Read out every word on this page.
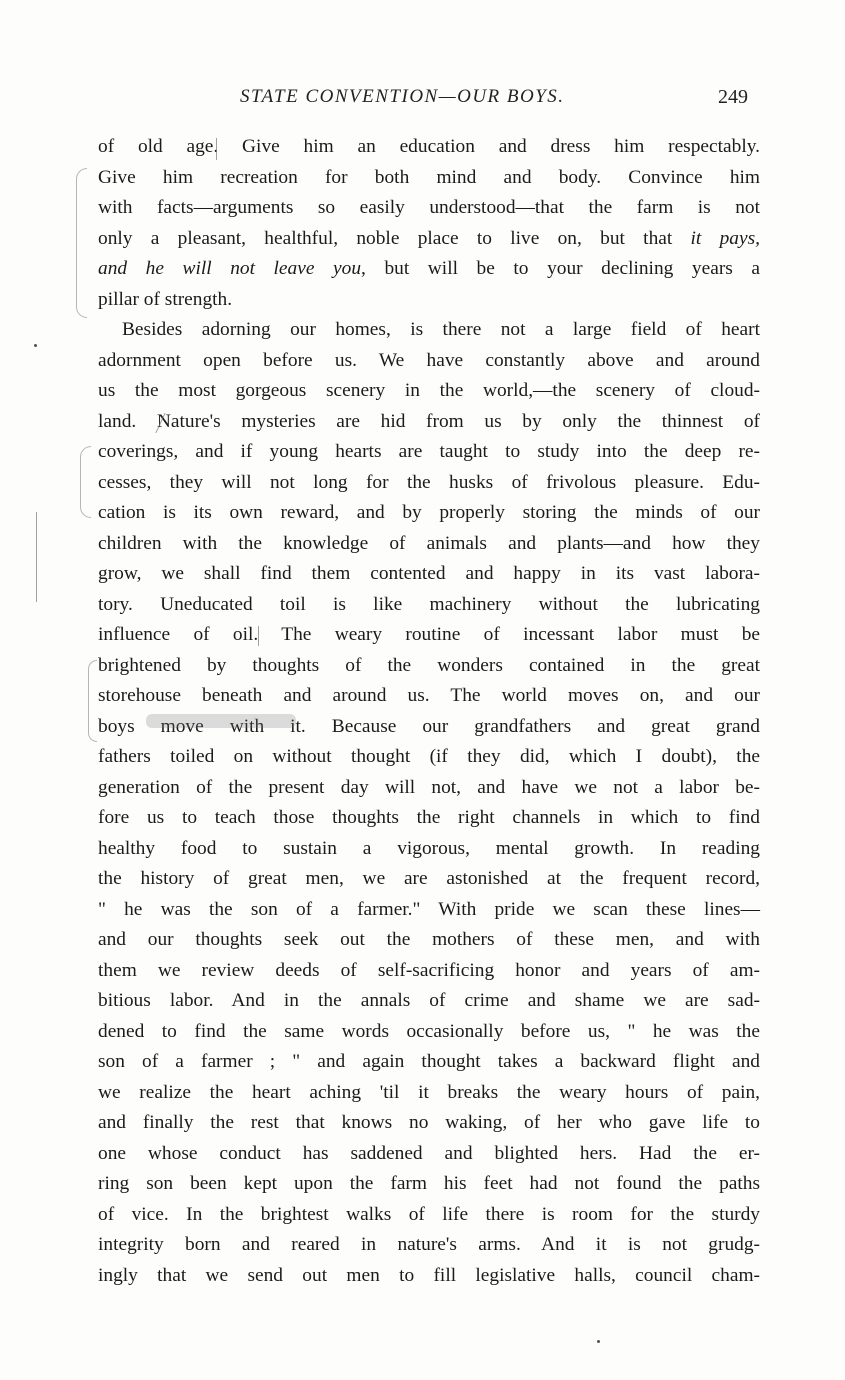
STATE CONVENTION—OUR BOYS.	249
of old age. Give him an education and dress him respectably.
Give him recreation for both mind and body. Convince him
with facts—arguments so easily understood—that the farm is not
only a pleasant, healthful, noble place to live on, but that it pays,
and he will not leave you, but will be to your declining years a
pillar of strength.
Besides adorning our homes, is there not a large field of heart
adornment open before us. We have constantly above and around
us the most gorgeous scenery in the world,—the scenery of cloud-
land. Nature's mysteries are hid from us by only the thinnest of
coverings, and if young hearts are taught to study into the deep re-
cesses, they will not long for the husks of frivolous pleasure. Edu-
cation is its own reward, and by properly storing the minds of our
children with the knowledge of animals and plants—and how they
grow, we shall find them contented and happy in its vast labora-
tory. Uneducated toil is like machinery without the lubricating
influence of oil. The weary routine of incessant labor must be
brightened by thoughts of the wonders contained in the great
storehouse beneath and around us. The world moves on, and our
boys move with it. Because our grandfathers and great grand
fathers toiled on without thought (if they did, which I doubt), the
generation of the present day will not, and have we not a labor be-
fore us to teach those thoughts the right channels in which to find
healthy food to sustain a vigorous, mental growth. In reading
the history of great men, we are astonished at the frequent record,
" he was the son of a farmer." With pride we scan these lines—
and our thoughts seek out the mothers of these men, and with
them we review deeds of self-sacrificing honor and years of am-
bitious labor. And in the annals of crime and shame we are sad-
dened to find the same words occasionally before us, " he was the
son of a farmer ; " and again thought takes a backward flight and
we realize the heart aching 'til it breaks the weary hours of pain,
and finally the rest that knows no waking, of her who gave life to
one whose conduct has saddened and blighted hers. Had the er-
ring son been kept upon the farm his feet had not found the paths
of vice. In the brightest walks of life there is room for the sturdy
integrity born and reared in nature's arms. And it is not grudg-
ingly that we send out men to fill legislative halls, council cham-
